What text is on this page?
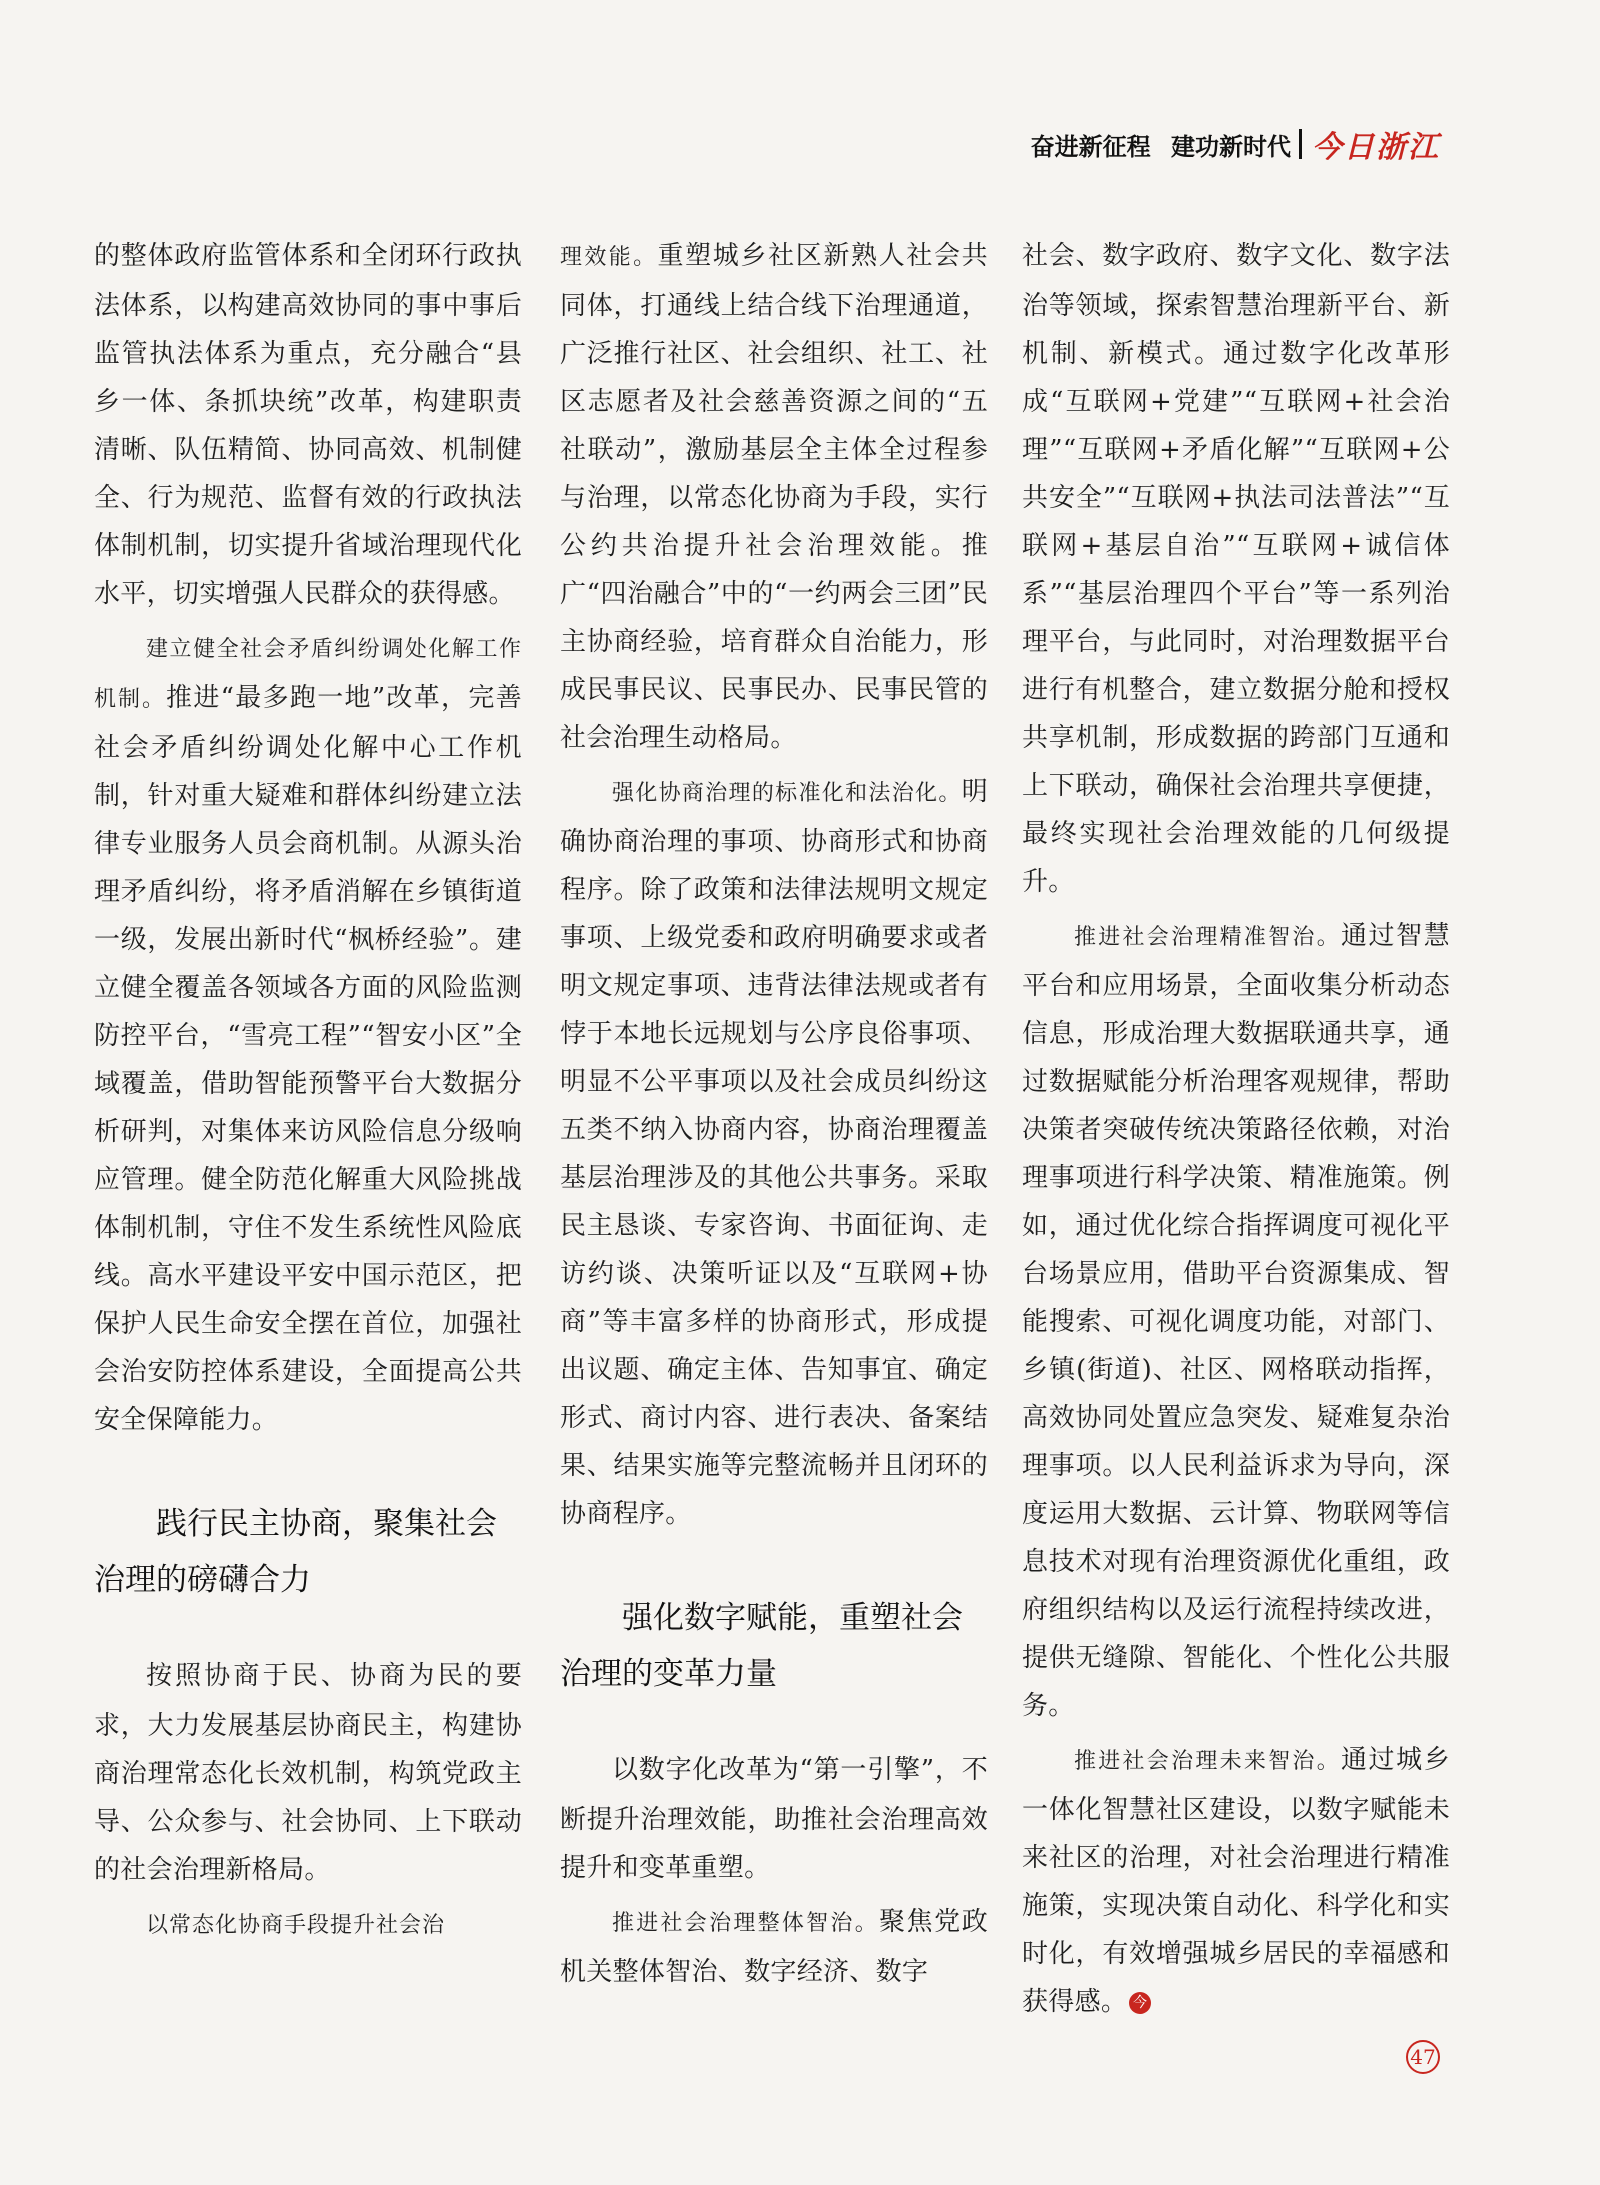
奋进新征程 建功新时代 今日浙江

的整体政府监管体系和全闭环行政执法体系，以构建高效协同的事中事后监管执法体系为重点，充分融合“县乡一体、条抓块统”改革，构建职责清晰、队伍精简、协同高效、机制健全、行为规范、监督有效的行政执法体制机制，切实提升省域治理现代化水平，切实增强人民群众的获得感。

建立健全社会矛盾纠纷调处化解工作机制。推进“最多跑一地”改革，完善社会矛盾纠纷调处化解中心工作机制，针对重大疑难和群体纠纷建立法律专业服务人员会商机制。从源头治理矛盾纠纷，将矛盾消解在乡镇街道一级，发展出新时代“枫桥经验”。建立健全覆盖各领域各方面的风险监测防控平台，“雪亮工程”“智安小区”全域覆盖，借助智能预警平台大数据分析研判，对集体来访风险信息分级响应管理。健全防范化解重大风险挑战体制机制，守住不发生系统性风险底线。高水平建设平安中国示范区，把保护人民生命安全摆在首位，加强社会治安防控体系建设，全面提高公共安全保障能力。

践行民主协商，聚集社会治理的磅礴合力

按照协商于民、协商为民的要求，大力发展基层协商民主，构建协商治理常态化长效机制，构筑党政主导、公众参与、社会协同、上下联动的社会治理新格局。

以常态化协商手段提升社会治

理效能。重塑城乡社区新熟人社会共同体，打通线上结合线下治理通道，广泛推行社区、社会组织、社工、社区志愿者及社会慈善资源之间的“五社联动”，激励基层全主体全过程参与治理，以常态化协商为手段，实行公约共治提升社会治理效能。推广“四治融合”中的“一约两会三团”民主协商经验，培育群众自治能力，形成民事民议、民事民办、民事民管的社会治理生动格局。

强化协商治理的标准化和法治化。明确协商治理的事项、协商形式和协商程序。除了政策和法律法规明文规定事项、上级党委和政府明确要求或者明文规定事项、违背法律法规或者有悖于本地长远规划与公序良俗事项、明显不公平事项以及社会成员纠纷这五类不纳入协商内容，协商治理覆盖基层治理涉及的其他公共事务。采取民主恳谈、专家咨询、书面征询、走访约谈、决策听证以及“互联网+协商”等丰富多样的协商形式，形成提出议题、确定主体、告知事宜、确定形式、商讨内容、进行表决、备案结果、结果实施等完整流畅并且闭环的协商程序。

强化数字赋能，重塑社会治理的变革力量

以数字化改革为“第一引擎”，不断提升治理效能，助推社会治理高效提升和变革重塑。

推进社会治理整体智治。聚焦党政机关整体智治、数字经济、数字

社会、数字政府、数字文化、数字法治等领域，探索智慧治理新平台、新机制、新模式。通过数字化改革形成“互联网+党建”“互联网+社会治理”“互联网+矛盾化解”“互联网+公共安全”“互联网+执法司法普法”“互联网+基层自治”“互联网+诚信体系”“基层治理四个平台”等一系列治理平台，与此同时，对治理数据平台进行有机整合，建立数据分舱和授权共享机制，形成数据的跨部门互通和上下联动，确保社会治理共享便捷，最终实现社会治理效能的几何级提升。

推进社会治理精准智治。通过智慧平台和应用场景，全面收集分析动态信息，形成治理大数据联通共享，通过数据赋能分析治理客观规律，帮助决策者突破传统决策路径依赖，对治理事项进行科学决策、精准施策。例如，通过优化综合指挥调度可视化平台场景应用，借助平台资源集成、智能搜索、可视化调度功能，对部门、乡镇(街道)、社区、网格联动指挥，高效协同处置应急突发、疑难复杂治理事项。以人民利益诉求为导向，深度运用大数据、云计算、物联网等信息技术对现有治理资源优化重组，政府组织结构以及运行流程持续改进，提供无缝隙、智能化、个性化公共服务。

推进社会治理未来智治。通过城乡一体化智慧社区建设，以数字赋能未来社区的治理，对社会治理进行精准施策，实现决策自动化、科学化和实时化，有效增强城乡居民的幸福感和获得感。 今

47
